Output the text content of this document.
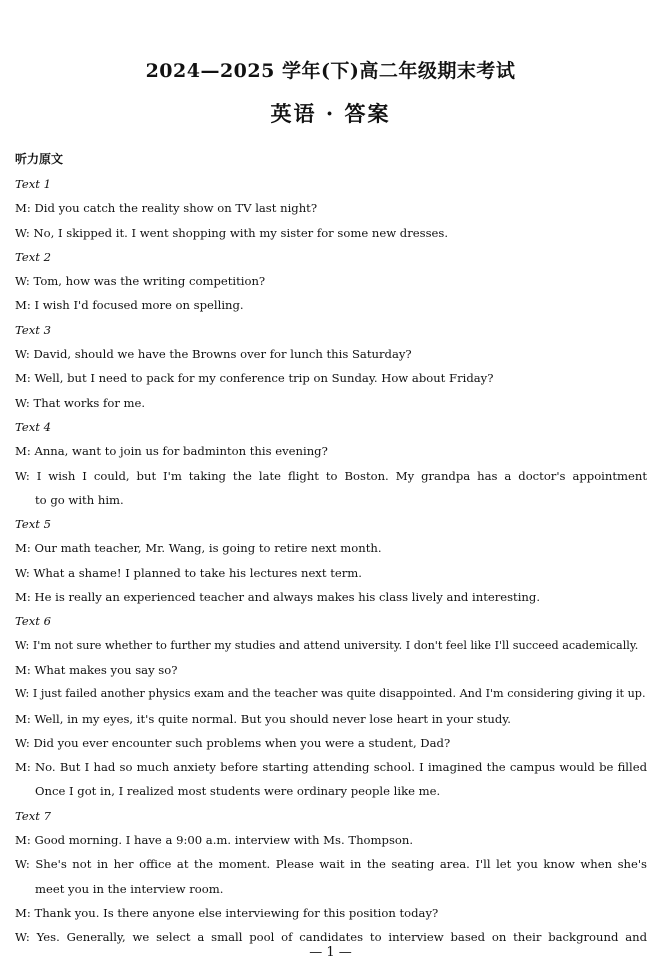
2024—2025 学年(下)高二年级期末考试
英语 · 答案
听力原文
Text 1
M: Did you catch the reality show on TV last night?
W: No, I skipped it. I went shopping with my sister for some new dresses.
Text 2
W: Tom, how was the writing competition?
M: I wish I'd focused more on spelling.
Text 3
W: David, should we have the Browns over for lunch this Saturday?
M: Well, but I need to pack for my conference trip on Sunday. How about Friday?
W: That works for me.
Text 4
M: Anna, want to join us for badminton this evening?
W: I wish I could, but I'm taking the late flight to Boston. My grandpa has a doctor's appointment
to go with him.
Text 5
M: Our math teacher, Mr. Wang, is going to retire next month.
W: What a shame! I planned to take his lectures next term.
M: He is really an experienced teacher and always makes his class lively and interesting.
Text 6
W: I'm not sure whether to further my studies and attend university. I don't feel like I'll succeed academically.
M: What makes you say so?
W: I just failed another physics exam and the teacher was quite disappointed. And I'm considering giving it up.
M: Well, in my eyes, it's quite normal. But you should never lose heart in your study.
W: Did you ever encounter such problems when you were a student, Dad?
M: No. But I had so much anxiety before starting attending school. I imagined the campus would be filled
Once I got in, I realized most students were ordinary people like me.
Text 7
M: Good morning. I have a 9:00 a.m. interview with Ms. Thompson.
W: She's not in her office at the moment. Please wait in the seating area. I'll let you know when she's
meet you in the interview room.
M: Thank you. Is there anyone else interviewing for this position today?
W: Yes. Generally, we select a small pool of candidates to interview based on their background and
— 1 —
